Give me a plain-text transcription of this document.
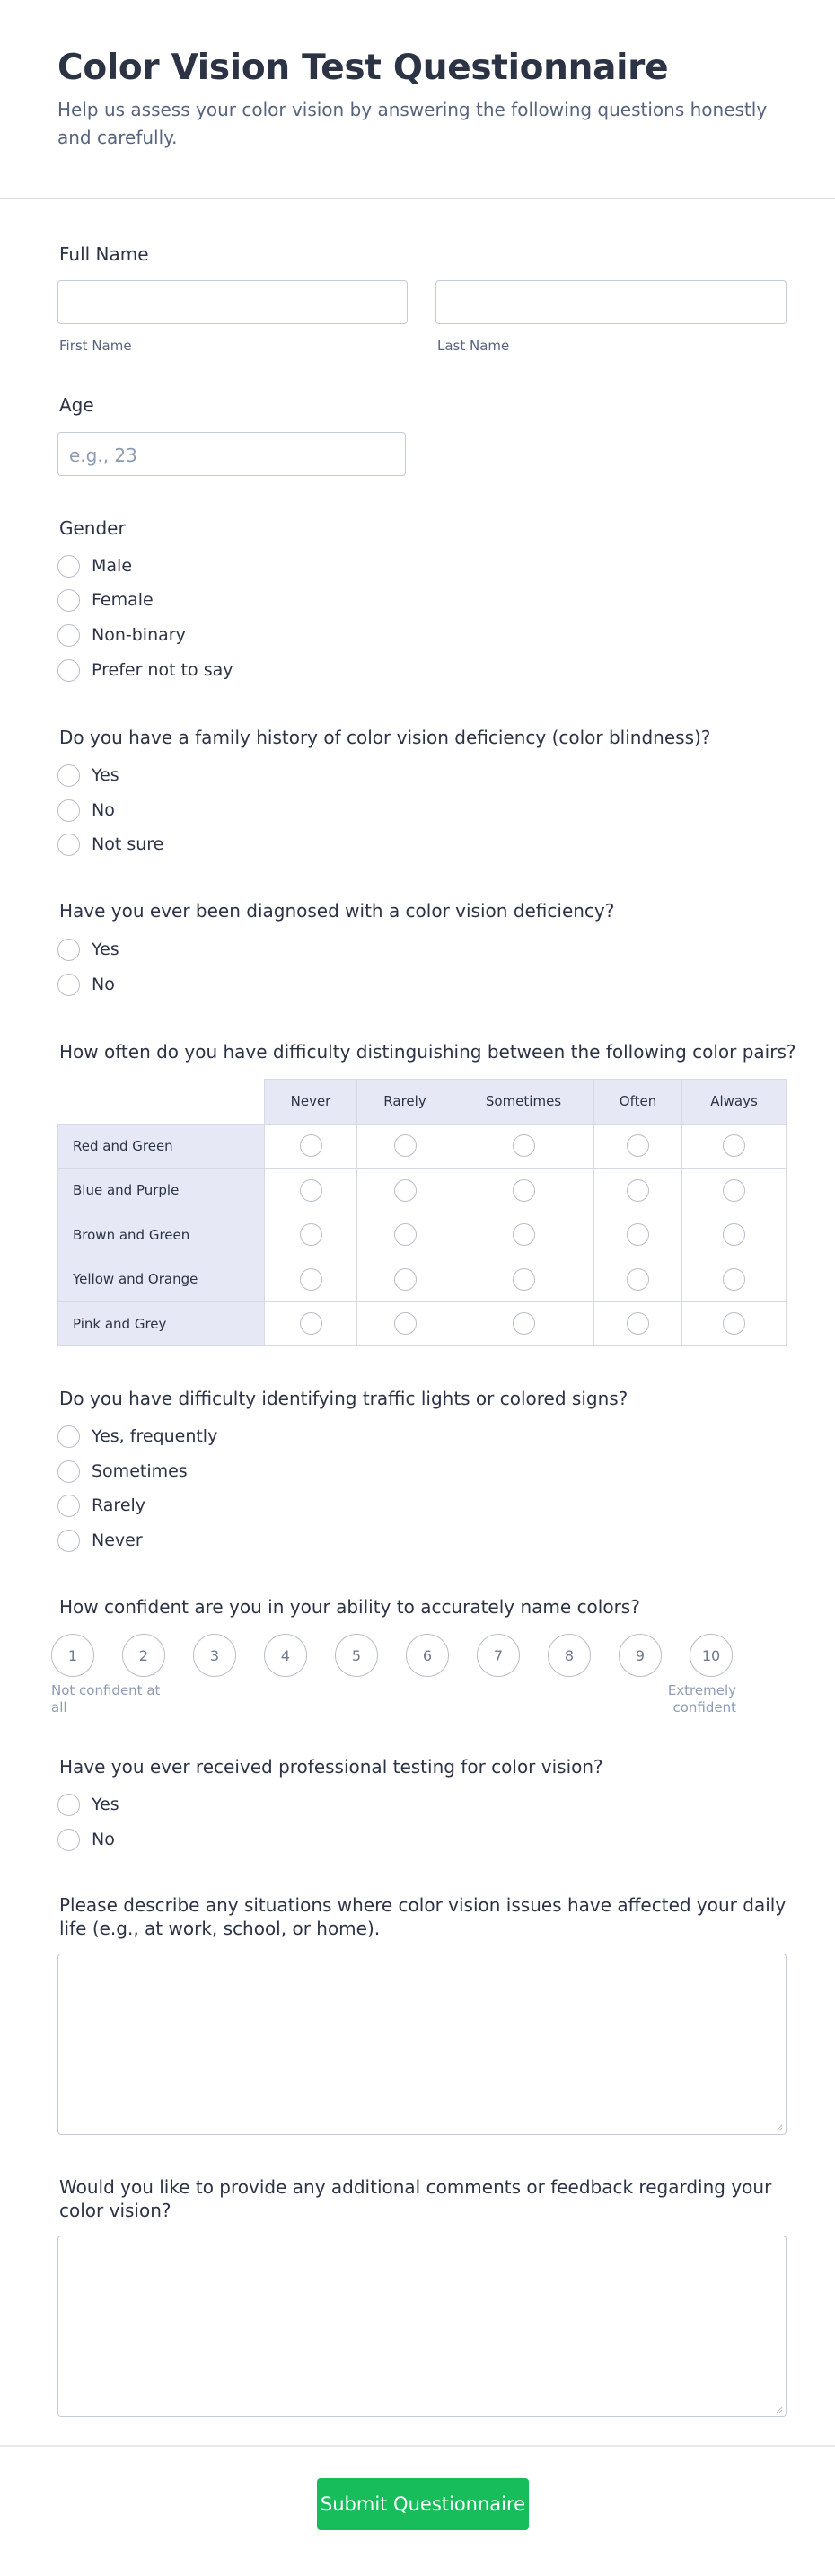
Color Vision Test Questionnaire

Help us assess your color vision by answering the following questions honestly and carefully.

Full Name
First Name	Last Name
Age
e.g., 23
Gender
Male
Female
Non-binary
Prefer not to say
Do you have a family history of color vision deficiency (color blindness)?
Yes
No
Not sure
Have you ever been diagnosed with a color vision deficiency?
Yes
No
How often do you have difficulty distinguishing between the following color pairs?
	Never	Rarely	Sometimes	Often	Always
Red and Green					
Blue and Purple					
Brown and Green					
Yellow and Orange					
Pink and Grey					
Do you have difficulty identifying traffic lights or colored signs?
Yes, frequently
Sometimes
Rarely
Never
How confident are you in your ability to accurately name colors?
1	2	3	4	5	6	7	8	9	10
Not confident at all
Extremely confident
Have you ever received professional testing for color vision?
Yes
No
Please describe any situations where color vision issues have affected your daily life (e.g., at work, school, or home).
Would you like to provide any additional comments or feedback regarding your color vision?
Submit Questionnaire
